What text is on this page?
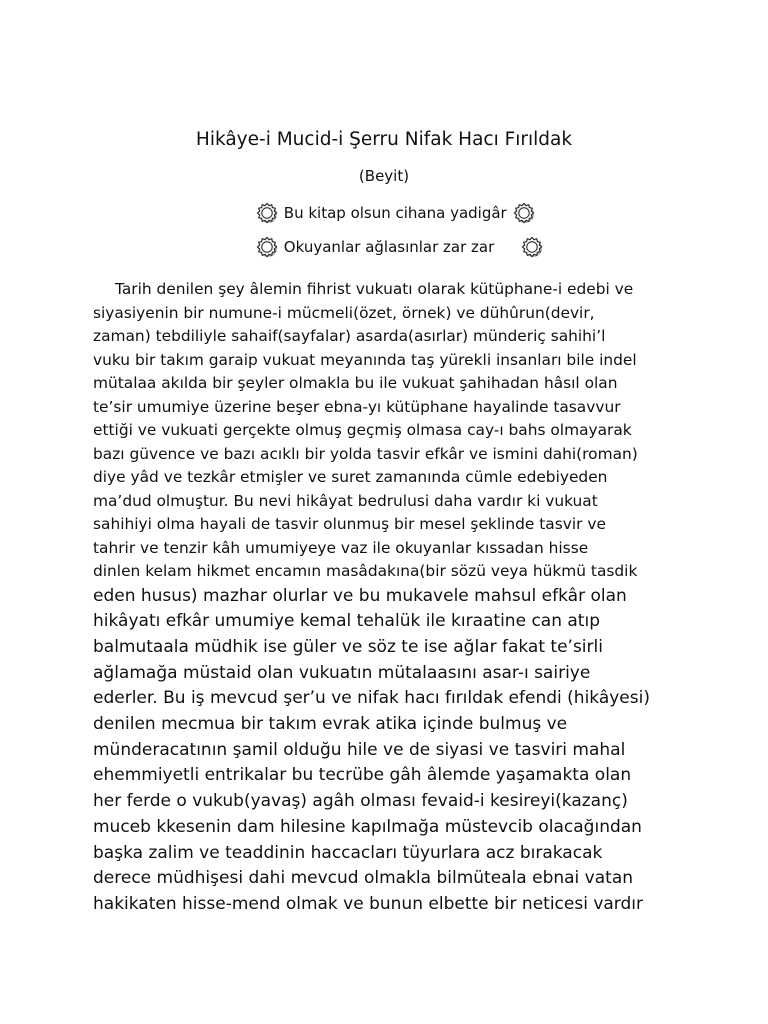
Hikâye-i Mucid-i Şerru Nifak Hacı Fırıldak
(Beyit)
Bu kitap olsun cihana yadigâr
Okuyanlar ağlasınlar zar zar
Tarih denilen şey âlemin fihrist vukuatı olarak kütüphane-i edebi ve
siyasiyenin bir numune-i mücmeli(özet, örnek) ve dühûrun(devir,
zaman) tebdiliyle sahaif(sayfalar) asarda(asırlar) münderiç sahihi’l
vuku bir takım garaip vukuat meyanında taş yürekli insanları bile indel
mütalaa akılda bir şeyler olmakla bu ile vukuat şahihadan hâsıl olan
te’sir umumiye üzerine beşer ebna-yı kütüphane hayalinde tasavvur
ettiği ve vukuati gerçekte olmuş geçmiş olmasa cay-ı bahs olmayarak
bazı güvence ve bazı acıklı bir yolda tasvir efkâr ve ismini dahi(roman)
diye yâd ve tezkâr etmişler ve suret zamanında cümle edebiyeden
ma’dud olmuştur. Bu nevi hikâyat bedrulusi daha vardır ki vukuat
sahihiyi olma hayali de tasvir olunmuş bir mesel şeklinde tasvir ve
tahrir ve tenzir kâh umumiyeye vaz ile okuyanlar kıssadan hisse
dinlen kelam hikmet encamın masâdakına(bir sözü veya hükmü tasdik
eden husus) mazhar olurlar ve bu mukavele mahsul efkâr olan
hikâyatı efkâr umumiye kemal tehalük ile kıraatine can atıp
balmutaala müdhik ise güler ve söz te ise ağlar fakat te’sirli
ağlamağa müstaid olan vukuatın mütalaasını asar-ı sairiye
ederler. Bu iş mevcud şer’u ve nifak hacı fırıldak efendi (hikâyesi)
denilen mecmua bir takım evrak atika içinde bulmuş ve
münderacatının şamil olduğu hile ve de siyasi ve tasviri mahal
ehemmiyetli entrikalar bu tecrübe gâh âlemde yaşamakta olan
her ferde o vukub(yavaş) agâh olması fevaid-i kesireyi(kazanç)
muceb kkesenin dam hilesine kapılmağa müstevcib olacağından
başka zalim ve teaddinin haccacları tüyurlara acz bırakacak
derece müdhişesi dahi mevcud olmakla bilmüteala ebnai vatan
hakikaten hisse-mend olmak ve bunun elbette bir neticesi vardır
